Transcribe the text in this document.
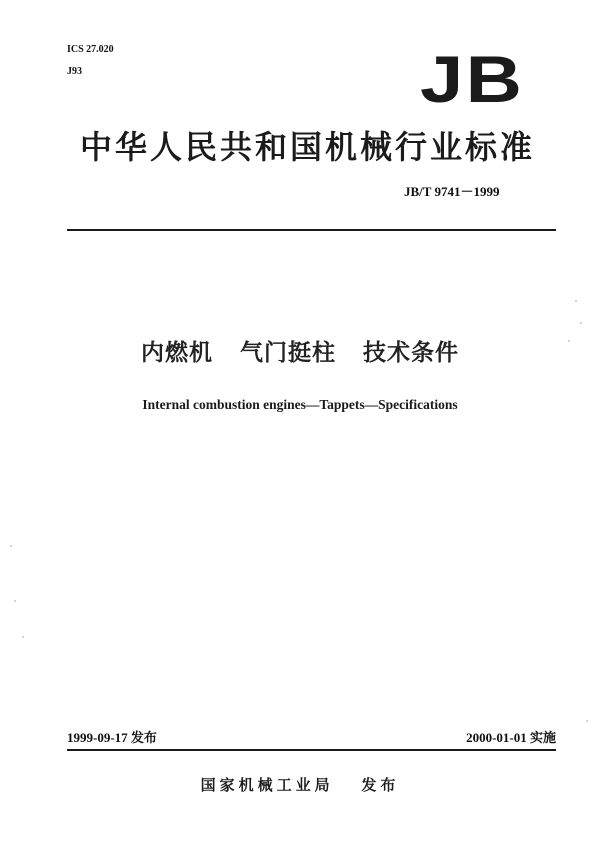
ICS 27.020
J93	JB
中华人民共和国机械行业标准
JB/T 9741－1999
内燃机   气门挺柱   技术条件
Internal combustion engines—Tappets—Specifications
1999-09-17 发布	2000-01-01 实施
国家机械工业局   发布
